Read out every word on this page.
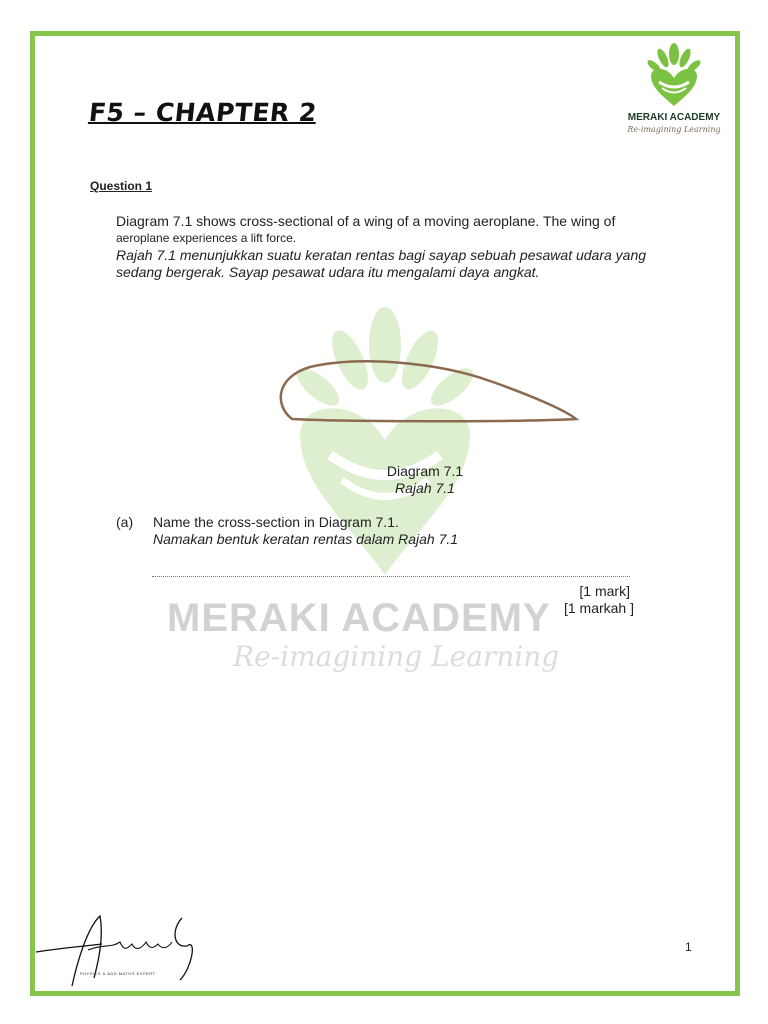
F5 – CHAPTER 2	MERAKI ACADEMY
Re-imagining Learning
MERAKI ACADEMY
Re-imagining Learning
Question 1
Diagram 7.1 shows cross-sectional of a wing of a moving aeroplane. The wing of
aeroplane experiences a lift force.
Rajah 7.1 menunjukkan suatu keratan rentas bagi sayap sebuah pesawat udara yang
sedang bergerak. Sayap pesawat udara itu mengalami daya angkat.
Diagram 7.1
Rajah 7.1
(a) Name the cross-section in Diagram 7.1.
Namakan bentuk keratan rentas dalam Rajah 7.1
[1 mark]
[1 markah ]
PHYSICS & ADD MATHS EXPERT
1
